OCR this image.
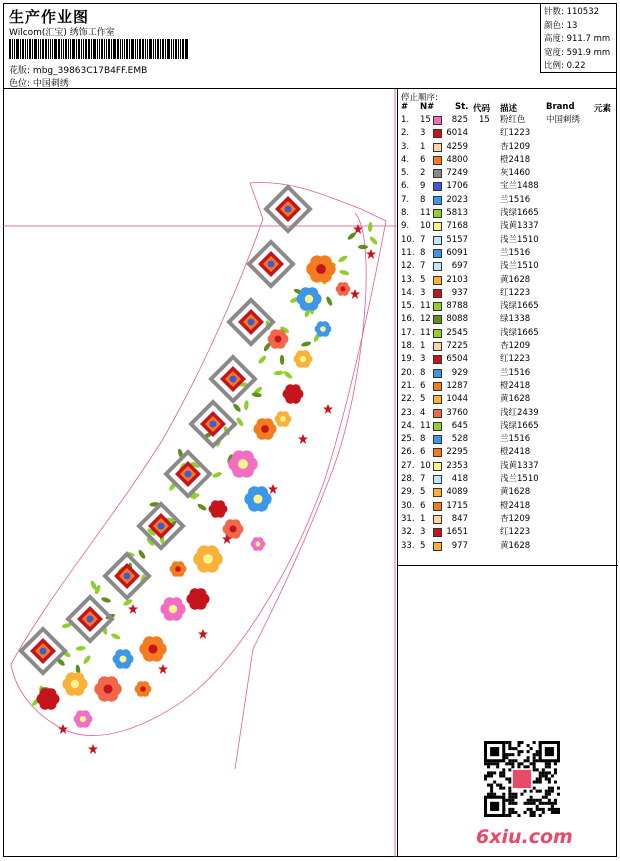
生产作业图
Wilcom(汇宝) 绣饰工作室
花版: mbg_39863C17B4FF.EMB
色位: 中国刺绣
针数: 110532
颜色: 13
高度: 911.7 mm
宽度: 591.9 mm
比例: 0.22
停止顺序:
# N# St. 代码 描述	Brand 元素
1. 15 825 15 粉红色 中国刺绣
2. 3 6014	红1223
3. 1 4259	杏1209
4. 6 4800	橙2418
5. 2 7249	灰1460
6. 9 1706	宝兰1488
7. 8 2023	兰1516
8. 11 5813	浅绿1665
9. 10 7168	浅黄1337
10. 7 5157	浅兰1510
11. 8 6091	兰1516
12. 7	697	浅兰1510
13. 5 2103	黄1628
14. 3	937	红1223
15. 11 8788	浅绿1665
16. 12 8088	绿1338
17. 11 2545	浅绿1665
18. 1 7225	杏1209
19. 3 6504	红1223
20. 8	929	兰1516
21. 6 1287	橙2418
22. 5 1044	黄1628
23. 4 3760	浅红2439
24. 11 645	浅绿1665
25. 8	528	兰1516
26. 6 2295	橙2418
27. 10 2353	浅黄1337
28. 7	418	浅兰1510
29. 5 4089	黄1628
30. 6 1715	橙2418
31. 1	847	杏1209
32. 3 1651	红1223
33. 5	977	黄1628
6xiu.com
